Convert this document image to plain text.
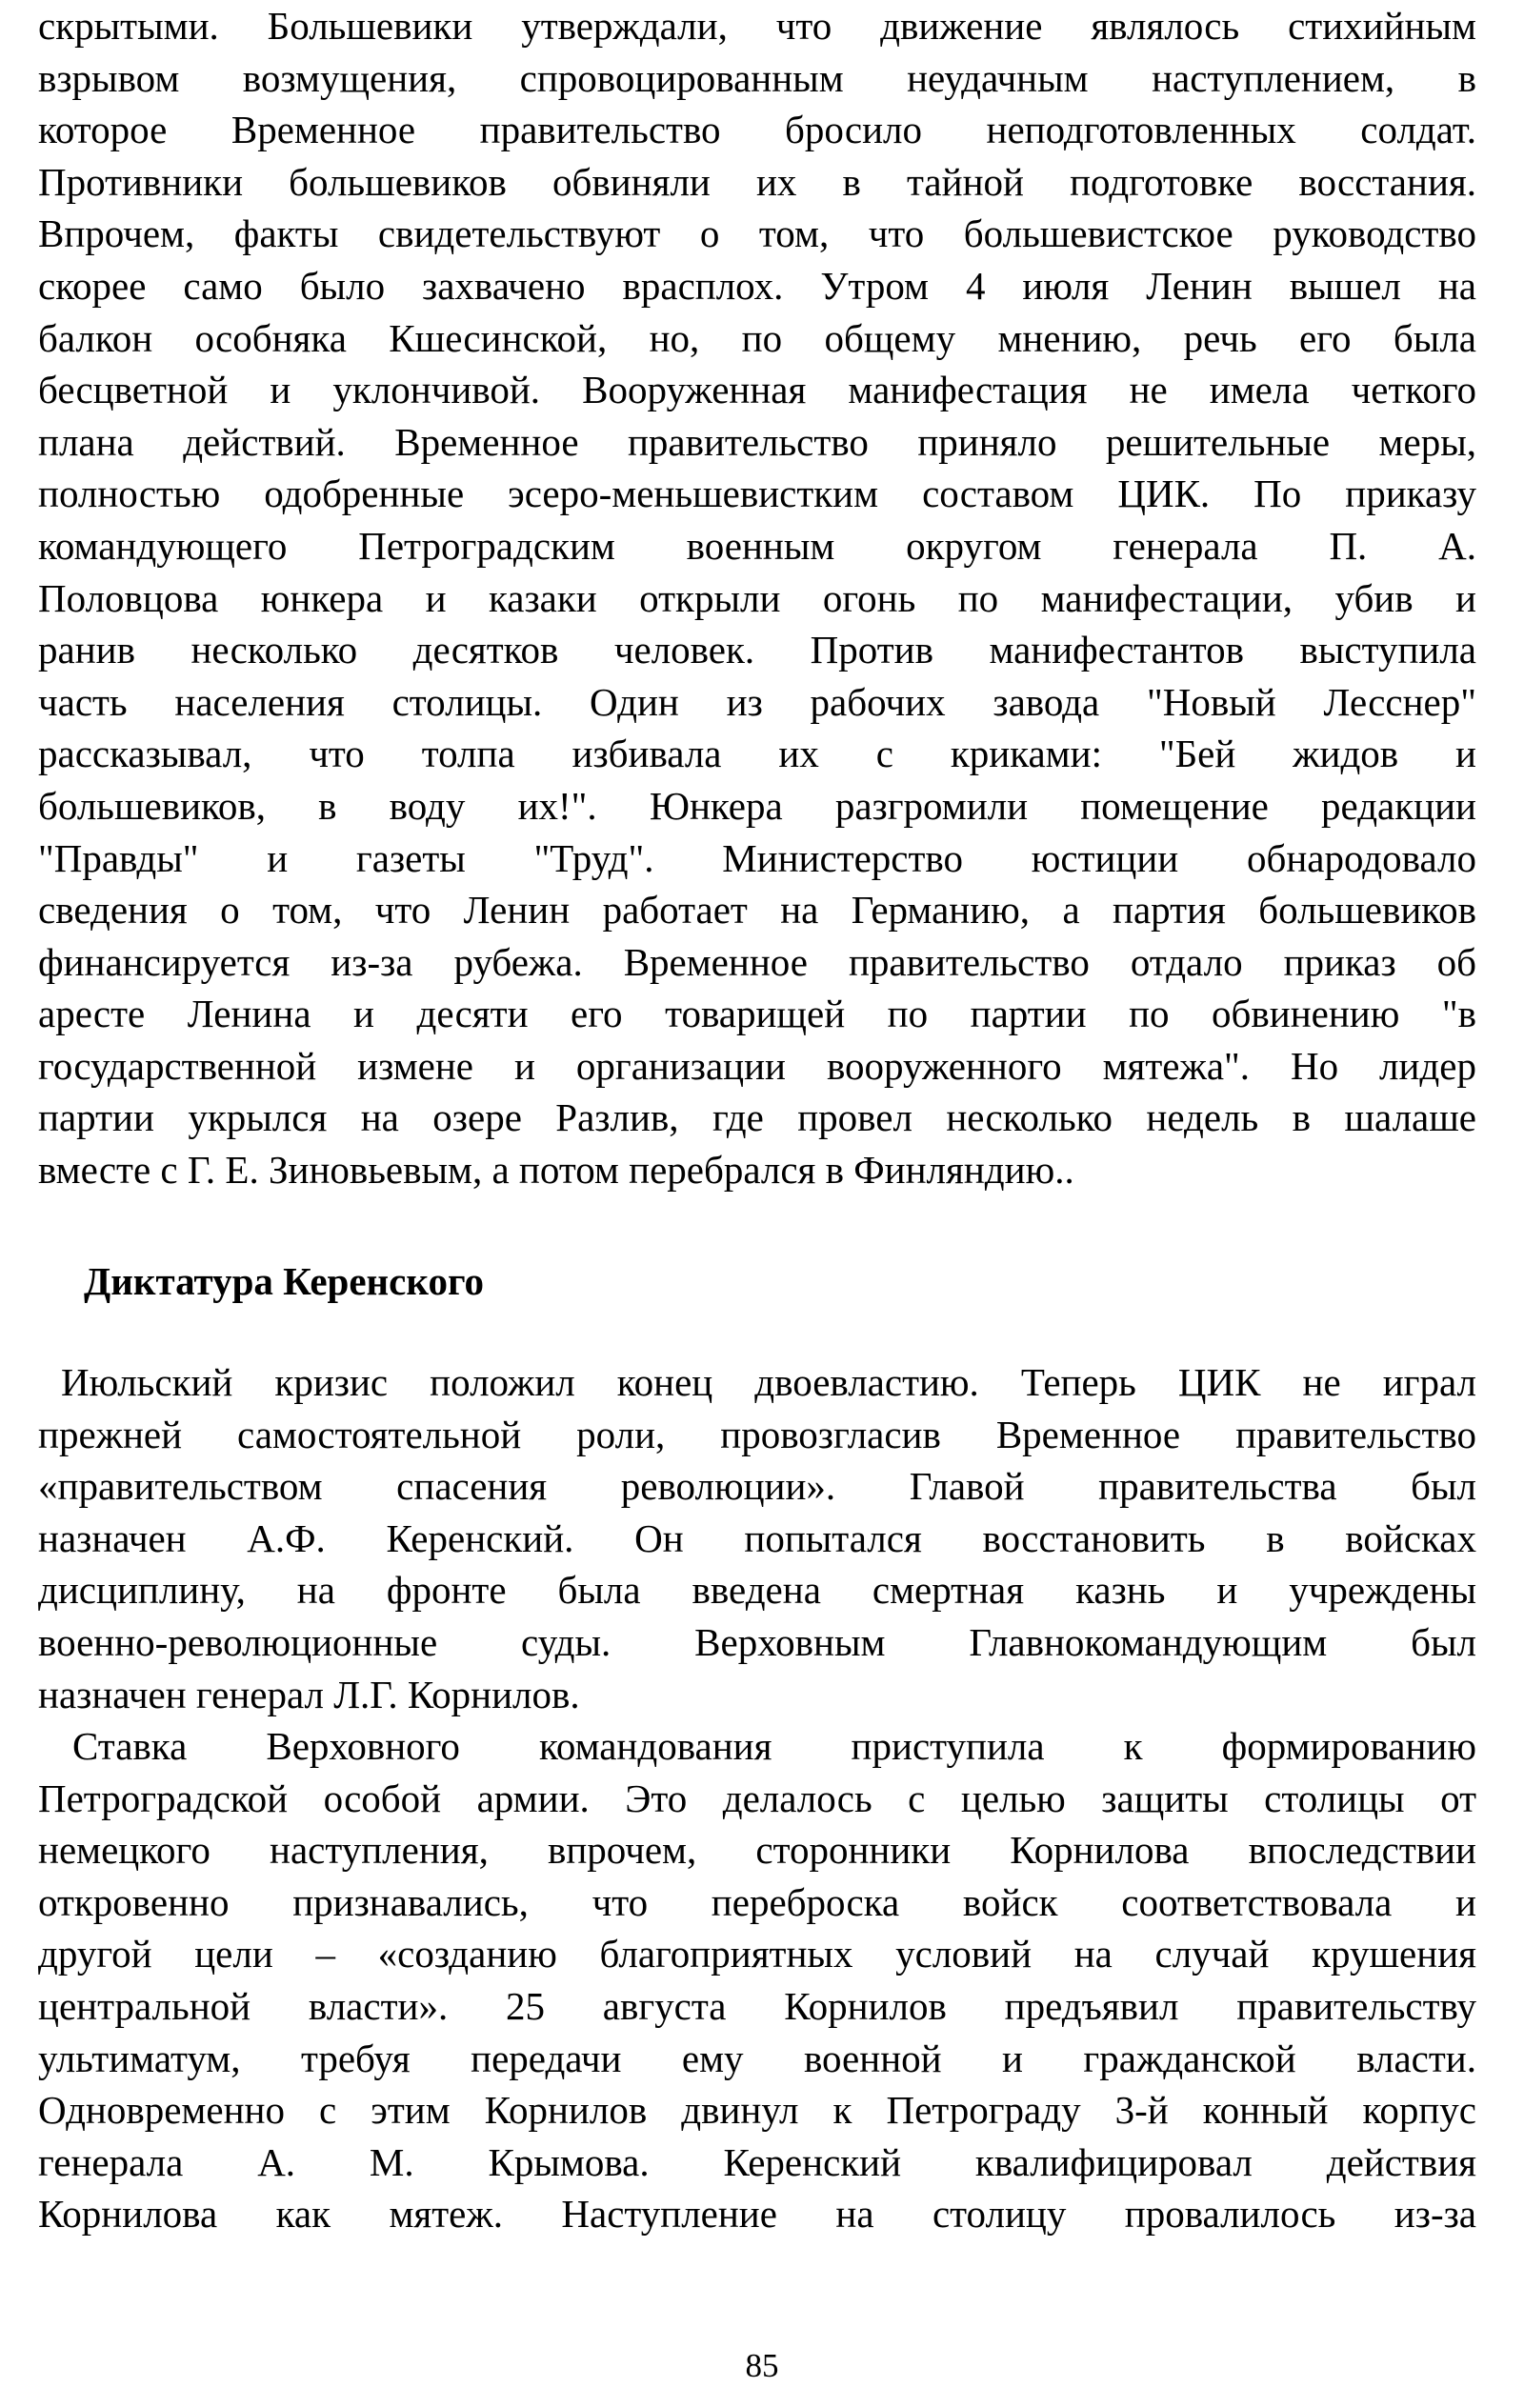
скрытыми. Большевики утверждали, что движение являлось стихийным
взрывом возмущения, спровоцированным неудачным наступлением, в
которое Временное правительство бросило неподготовленных солдат.
Противники большевиков обвиняли их в тайной подготовке восстания.
Впрочем, факты свидетельствуют о том, что большевистское руководство
скорее само было захвачено врасплох. Утром 4 июля Ленин вышел на
балкон особняка Кшесинской, но, по общему мнению, речь его была
бесцветной и уклончивой. Вооруженная манифестация не имела четкого
плана действий. Временное правительство приняло решительные меры,
полностью одобренные эсеро-меньшевистким составом ЦИК. По приказу
командующего Петроградским военным округом генерала П. А.
Половцова юнкера и казаки открыли огонь по манифестации, убив и
ранив несколько десятков человек. Против манифестантов выступила
часть населения столицы. Один из рабочих завода "Новый Лесснер"
рассказывал, что толпа избивала их с криками: "Бей жидов и
большевиков, в воду их!". Юнкера разгромили помещение редакции
"Правды" и газеты "Труд". Министерство юстиции обнародовало
сведения о том, что Ленин работает на Германию, а партия большевиков
финансируется из-за рубежа. Временное правительство отдало приказ об
аресте Ленина и десяти его товарищей по партии по обвинению "в
государственной измене и организации вооруженного мятежа". Но лидер
партии укрылся на озере Разлив, где провел несколько недель в шалаше
вместе с Г. Е. Зиновьевым, а потом перебрался в Финляндию..
Диктатура Керенского
Июльский кризис положил конец двоевластию. Теперь ЦИК не играл
прежней самостоятельной роли, провозгласив Временное правительство
«правительством спасения революции». Главой правительства был
назначен А.Ф. Керенский. Он попытался восстановить в войсках
дисциплину, на фронте была введена смертная казнь и учреждены
военно-революционные суды. Верховным Главнокомандующим был
назначен генерал Л.Г. Корнилов.
Ставка Верховного командования приступила к формированию
Петроградской особой армии. Это делалось с целью защиты столицы от
немецкого наступления, впрочем, сторонники Корнилова впоследствии
откровенно признавались, что переброска войск соответствовала и
другой цели – «созданию благоприятных условий на случай крушения
центральной власти». 25 августа Корнилов предъявил правительству
ультиматум, требуя передачи ему военной и гражданской власти.
Одновременно с этим Корнилов двинул к Петрограду 3-й конный корпус
генерала А. М. Крымова. Керенский квалифицировал действия
Корнилова как мятеж. Наступление на столицу провалилось из-за
85
